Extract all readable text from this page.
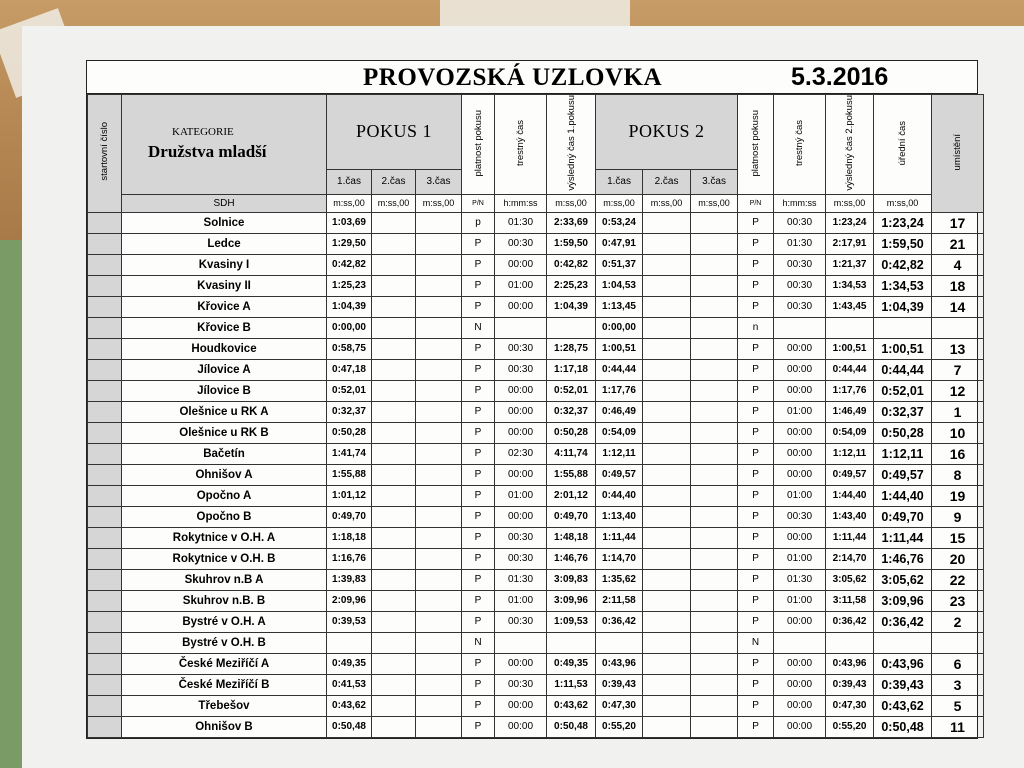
PROVOZSKÁ UZLOVKA	5.3.2016
startovní číslo	KATEGORIE
Družstva mladší	POKUS 1			platnost pokusu	trestný čas	výsledný čas 1.pokusu	POKUS 2			platnost pokusu	trestný čas	výsledný čas 2.pokusu	úřední čas	umístění
		1.čas	2.čas	3.čas				1.čas	2.čas	3.čas					
	SDH	m:ss,00	m:ss,00	m:ss,00	P/N	h:mm:ss	m:ss,00	m:ss,00	m:ss,00	m:ss,00	P/N	h:mm:ss	m:ss,00	m:ss,00	
	Solnice	1:03,69			p	01:30	2:33,69	0:53,24			P	00:30	1:23,24	1:23,24	17
	Ledce	1:29,50			P	00:30	1:59,50	0:47,91			P	01:30	2:17,91	1:59,50	21
	Kvasiny I	0:42,82			P	00:00	0:42,82	0:51,37			P	00:30	1:21,37	0:42,82	4
	Kvasiny II	1:25,23			P	01:00	2:25,23	1:04,53			P	00:30	1:34,53	1:34,53	18
	Křovice A	1:04,39			P	00:00	1:04,39	1:13,45			P	00:30	1:43,45	1:04,39	14
	Křovice B	0:00,00			N			0:00,00			n				
	Houdkovice	0:58,75			P	00:30	1:28,75	1:00,51			P	00:00	1:00,51	1:00,51	13
	Jílovice A	0:47,18			P	00:30	1:17,18	0:44,44			P	00:00	0:44,44	0:44,44	7
	Jílovice B	0:52,01			P	00:00	0:52,01	1:17,76			P	00:00	1:17,76	0:52,01	12
	Olešnice u RK A	0:32,37			P	00:00	0:32,37	0:46,49			P	01:00	1:46,49	0:32,37	1
	Olešnice u RK B	0:50,28			P	00:00	0:50,28	0:54,09			P	00:00	0:54,09	0:50,28	10
	Bačetín	1:41,74			P	02:30	4:11,74	1:12,11			P	00:00	1:12,11	1:12,11	16
	Ohnišov A	1:55,88			P	00:00	1:55,88	0:49,57			P	00:00	0:49,57	0:49,57	8
	Opočno A	1:01,12			P	01:00	2:01,12	0:44,40			P	01:00	1:44,40	1:44,40	19
	Opočno B	0:49,70			P	00:00	0:49,70	1:13,40			P	00:30	1:43,40	0:49,70	9
	Rokytnice v O.H. A	1:18,18			P	00:30	1:48,18	1:11,44			P	00:00	1:11,44	1:11,44	15
	Rokytnice v O.H. B	1:16,76			P	00:30	1:46,76	1:14,70			P	01:00	2:14,70	1:46,76	20
	Skuhrov n.B A	1:39,83			P	01:30	3:09,83	1:35,62			P	01:30	3:05,62	3:05,62	22
	Skuhrov n.B. B	2:09,96			P	01:00	3:09,96	2:11,58			P	01:00	3:11,58	3:09,96	23
	Bystré v O.H. A	0:39,53			P	00:30	1:09,53	0:36,42			P	00:00	0:36,42	0:36,42	2
	Bystré v O.H. B				N						N				
	České Meziříčí A	0:49,35			P	00:00	0:49,35	0:43,96			P	00:00	0:43,96	0:43,96	6
	České Meziříčí B	0:41,53			P	00:30	1:11,53	0:39,43			P	00:00	0:39,43	0:39,43	3
	Třebešov	0:43,62			P	00:00	0:43,62	0:47,30			P	00:00	0:47,30	0:43,62	5
	Ohnišov B	0:50,48			P	00:00	0:50,48	0:55,20			P	00:00	0:55,20	0:50,48	11
